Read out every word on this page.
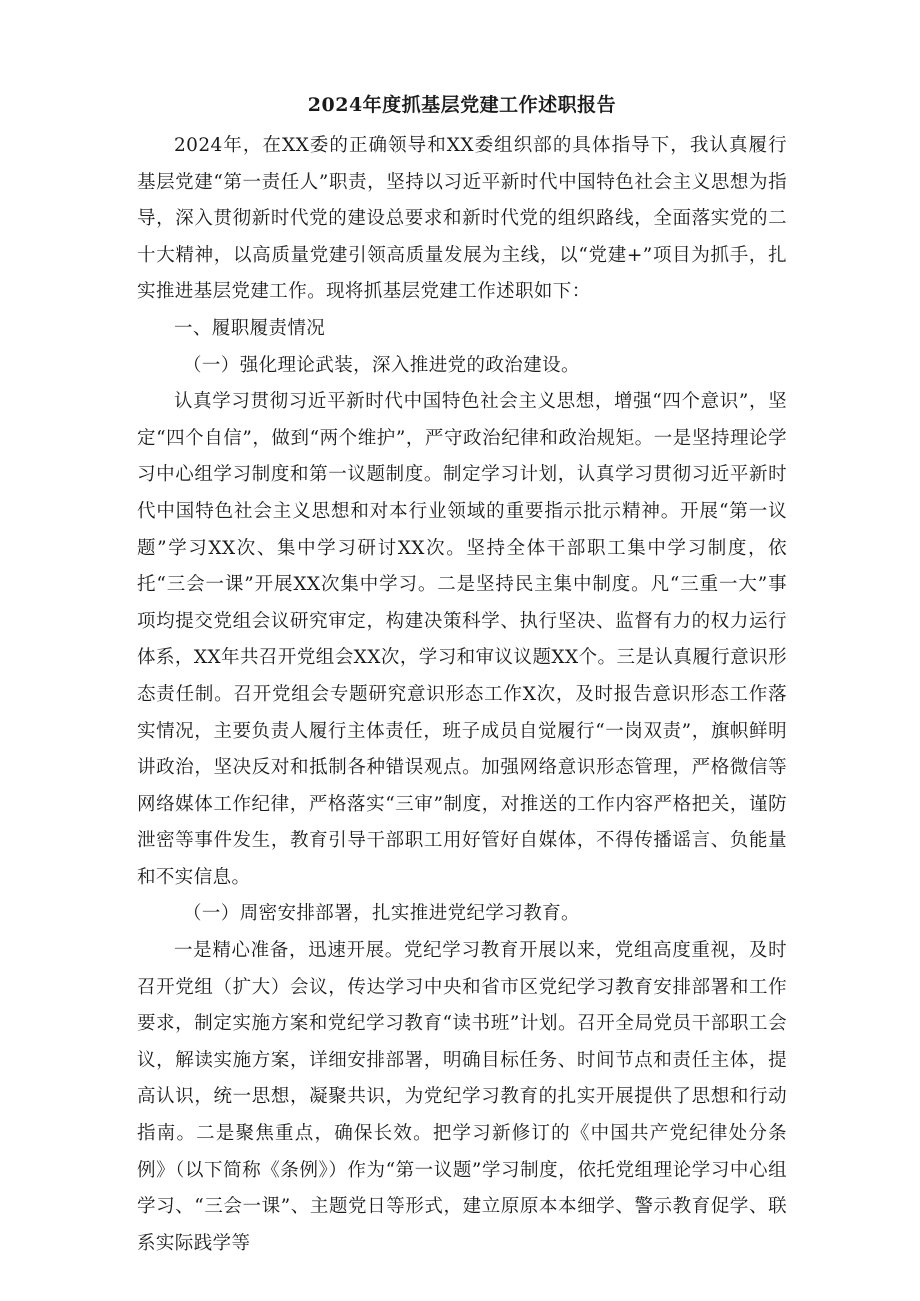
2024年度抓基层党建工作述职报告

2024年，在XX委的正确领导和XX委组织部的具体指导下，我认真履行基层党建“第一责任人”职责，坚持以习近平新时代中国特色社会主义思想为指导，深入贯彻新时代党的建设总要求和新时代党的组织路线，全面落实党的二十大精神，以高质量党建引领高质量发展为主线，以“党建+”项目为抓手，扎实推进基层党建工作。现将抓基层党建工作述职如下：

一、履职履责情况

（一）强化理论武装，深入推进党的政治建设。

认真学习贯彻习近平新时代中国特色社会主义思想，增强“四个意识”，坚定“四个自信”，做到“两个维护”，严守政治纪律和政治规矩。一是坚持理论学习中心组学习制度和第一议题制度。制定学习计划，认真学习贯彻习近平新时代中国特色社会主义思想和对本行业领域的重要指示批示精神。开展“第一议题”学习XX次、集中学习研讨XX次。坚持全体干部职工集中学习制度，依托“三会一课”开展XX次集中学习。二是坚持民主集中制度。凡“三重一大”事项均提交党组会议研究审定，构建决策科学、执行坚决、监督有力的权力运行体系，XX年共召开党组会XX次，学习和审议议题XX个。三是认真履行意识形态责任制。召开党组会专题研究意识形态工作X次，及时报告意识形态工作落实情况，主要负责人履行主体责任，班子成员自觉履行“一岗双责”，旗帜鲜明讲政治，坚决反对和抵制各种错误观点。加强网络意识形态管理，严格微信等网络媒体工作纪律，严格落实“三审”制度，对推送的工作内容严格把关，谨防泄密等事件发生，教育引导干部职工用好管好自媒体，不得传播谣言、负能量和不实信息。

（一）周密安排部署，扎实推进党纪学习教育。

一是精心准备，迅速开展。党纪学习教育开展以来，党组高度重视，及时召开党组（扩大）会议，传达学习中央和省市区党纪学习教育安排部署和工作要求，制定实施方案和党纪学习教育“读书班”计划。召开全局党员干部职工会议，解读实施方案，详细安排部署，明确目标任务、时间节点和责任主体，提高认识，统一思想，凝聚共识，为党纪学习教育的扎实开展提供了思想和行动指南。二是聚焦重点，确保长效。把学习新修订的《中国共产党纪律处分条例》（以下简称《条例》）作为“第一议题”学习制度，依托党组理论学习中心组学习、“三会一课”、主题党日等形式，建立原原本本细学、警示教育促学、联系实际践学等
